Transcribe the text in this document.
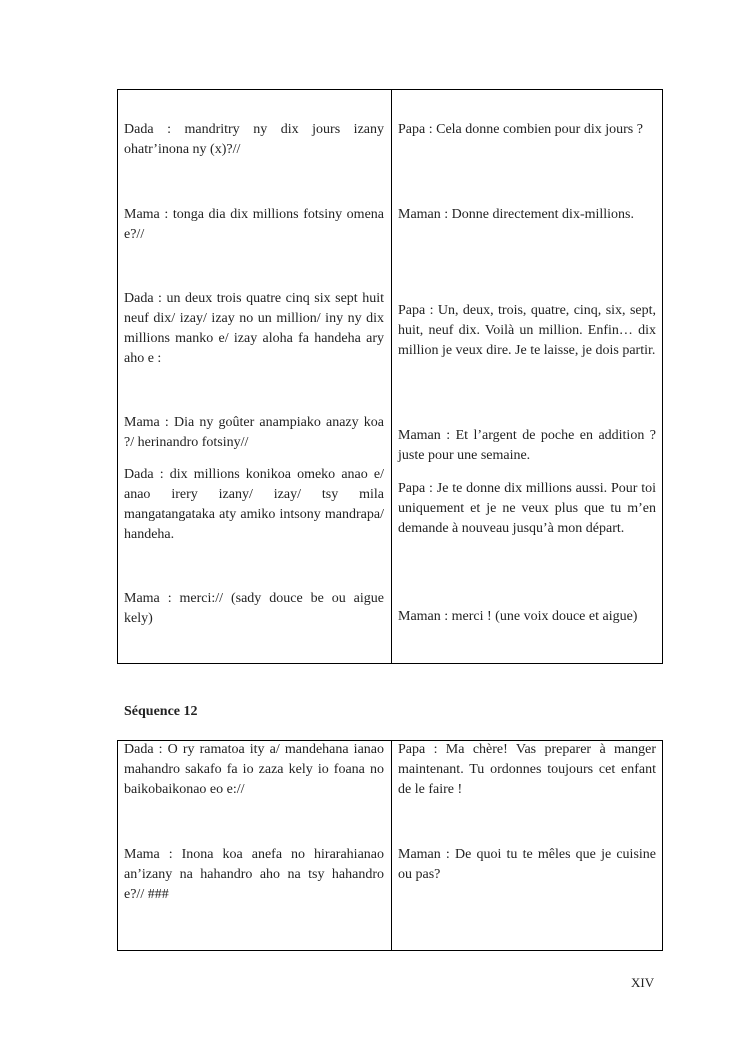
Dada : mandritry ny dix jours izany ohatr’inona ny (x)?//
Mama : tonga dia dix millions fotsiny omena e?//
Dada : un deux trois quatre cinq six sept huit neuf dix/ izay/ izay no un million/ iny ny dix millions manko e/ izay aloha fa handeha ary aho e :
Mama : Dia ny goûter anampiako anazy koa ?/ herinandro fotsiny//
Dada : dix millions konikoa omeko anao e/ anao irery izany/ izay/ tsy mila mangatangataka aty amiko intsony mandrapa/ handeha.
Mama : merci:// (sady douce be ou aigue kely)
Papa : Cela donne combien pour dix jours ?
Maman : Donne directement dix-millions.
Papa : Un, deux, trois, quatre, cinq, six, sept, huit, neuf dix. Voilà un million. Enfin… dix million je veux dire. Je te laisse, je dois partir.
Maman : Et l’argent de poche en addition ? juste pour une semaine.
Papa : Je te donne dix millions aussi. Pour toi uniquement et je ne veux plus que tu m’en demande à nouveau jusqu’à mon départ.
Maman : merci ! (une voix douce et aigue)
Séquence 12
Dada : O ry ramatoa ity a/ mandehana ianao mahandro sakafo fa io zaza kely io foana no baikobaikonao eo e://
Mama : Inona koa anefa no hirarahianao an’izany na hahandro aho na tsy hahandro e?// ###
Papa : Ma chère! Vas preparer à manger maintenant. Tu ordonnes toujours cet enfant de le faire !
Maman : De quoi tu te mêles que je cuisine ou pas?
XIV
